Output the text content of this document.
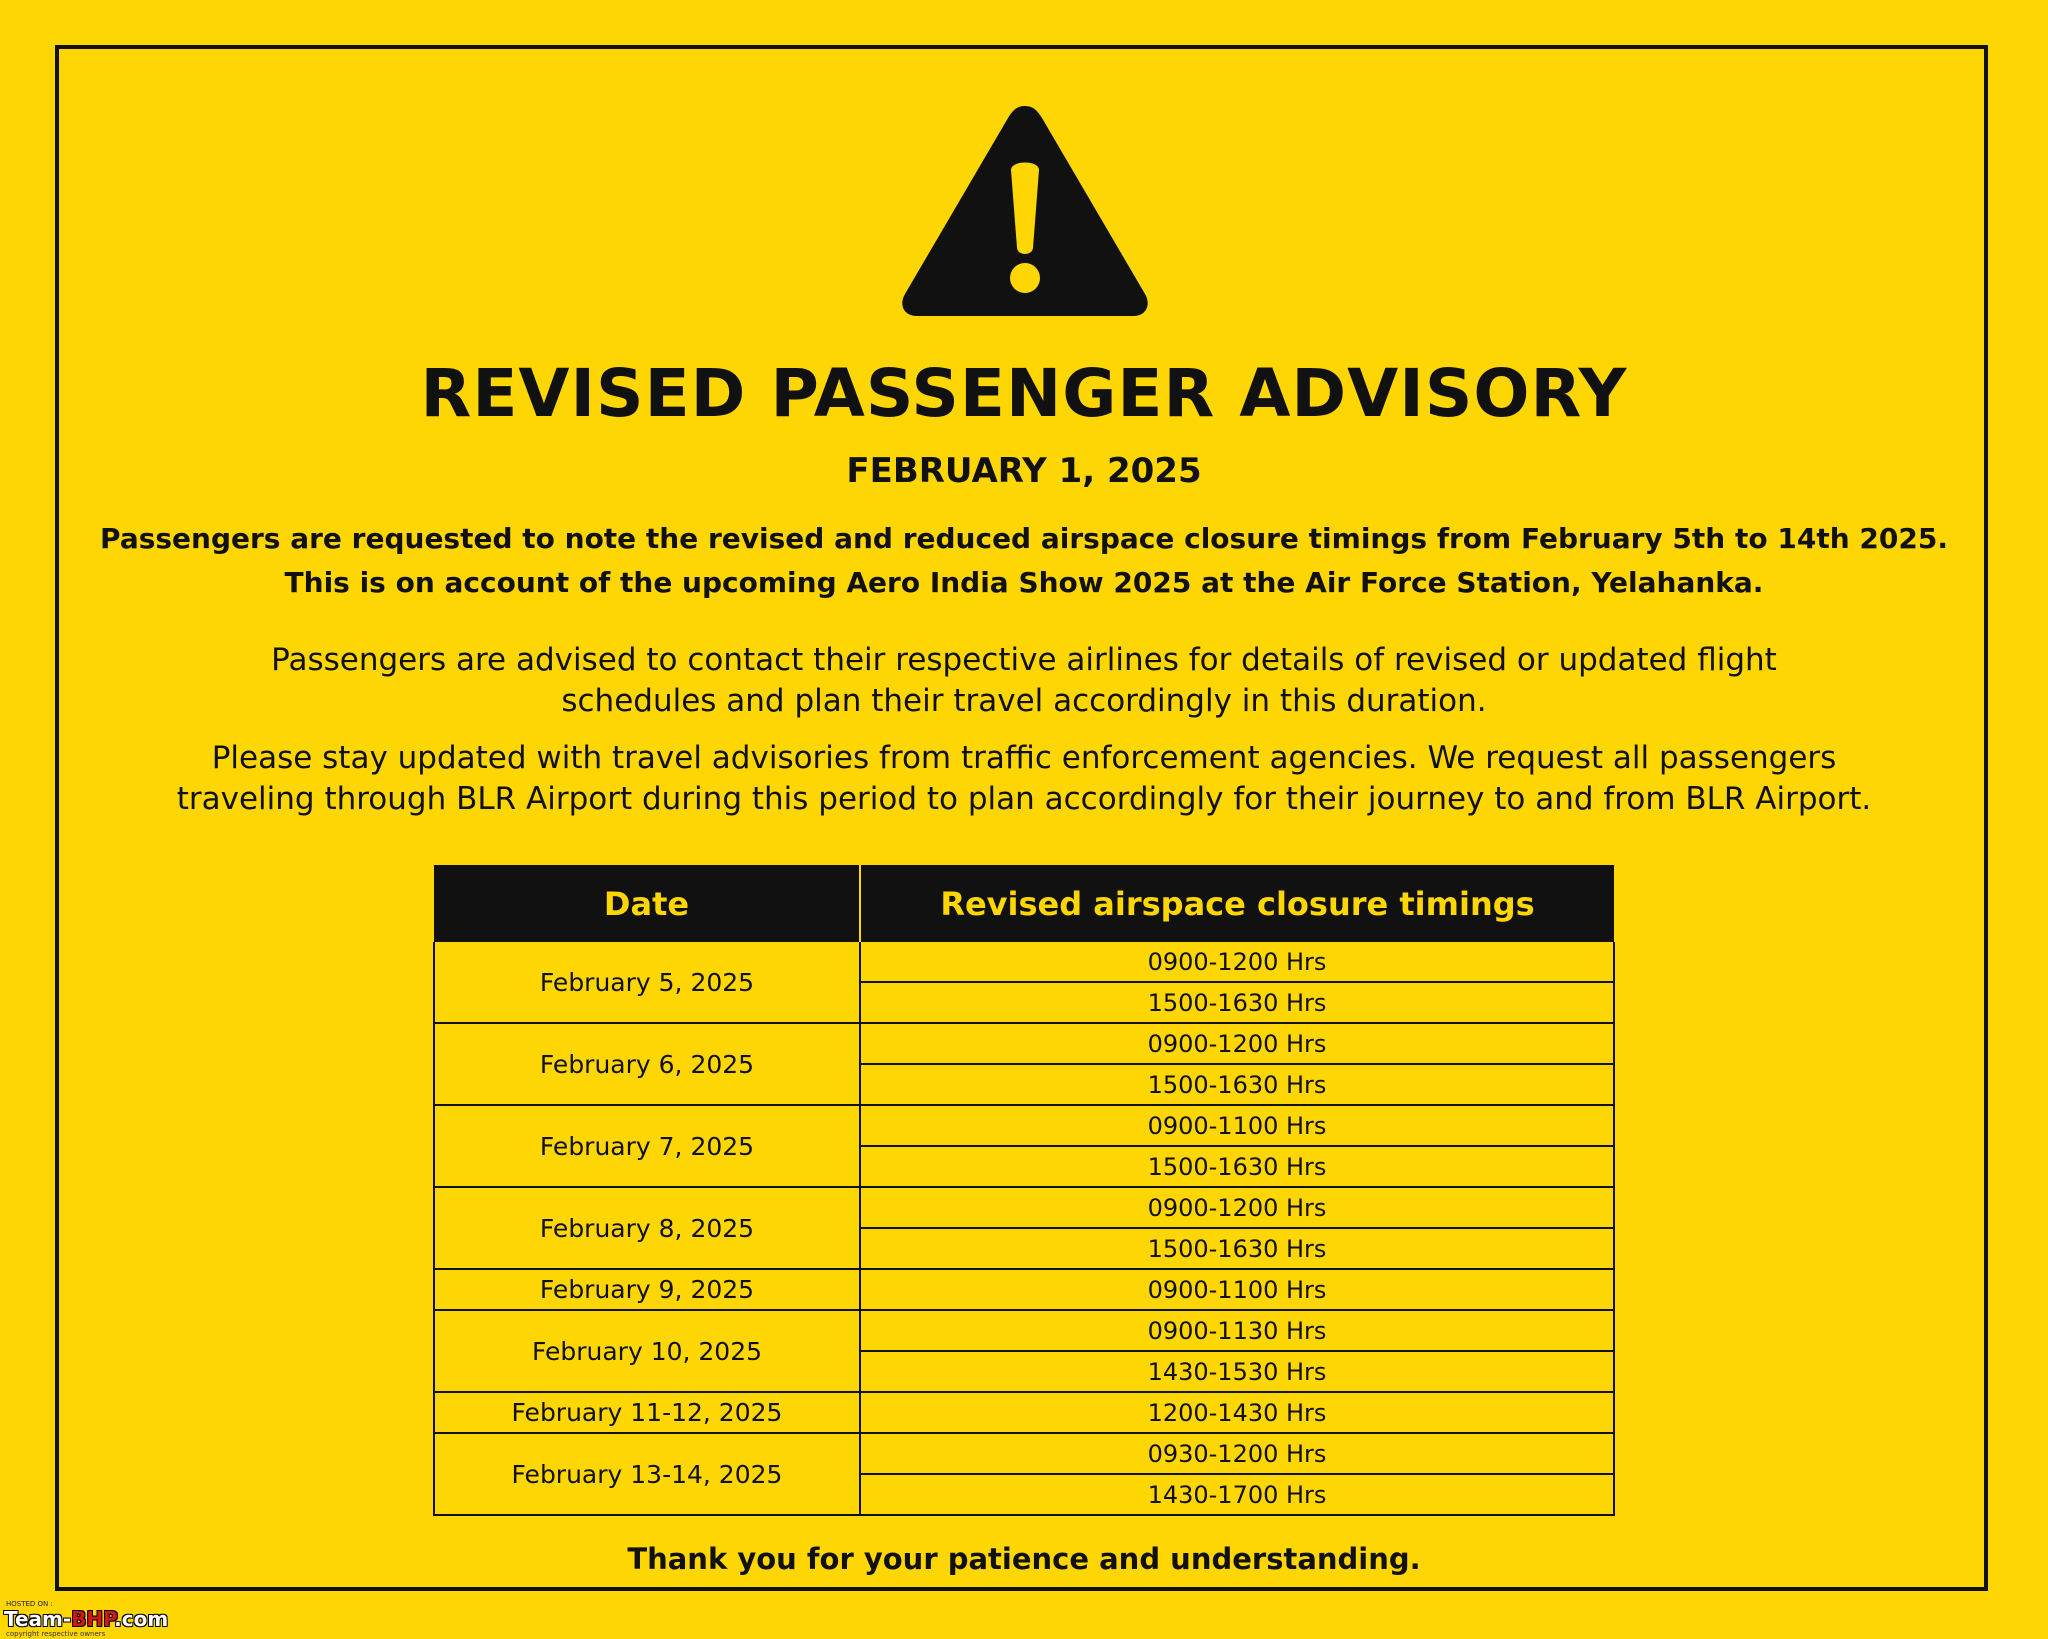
REVISED PASSENGER ADVISORY
FEBRUARY 1, 2025
Passengers are requested to note the revised and reduced airspace closure timings from February 5th to 14th 2025.
This is on account of the upcoming Aero India Show 2025 at the Air Force Station, Yelahanka.
Passengers are advised to contact their respective airlines for details of revised or updated flight
schedules and plan their travel accordingly in this duration.
Please stay updated with travel advisories from traffic enforcement agencies. We request all passengers
traveling through BLR Airport during this period to plan accordingly for their journey to and from BLR Airport.
Date	Revised airspace closure timings
February 5, 2025	0900-1200 Hrs
	1500-1630 Hrs
February 6, 2025	0900-1200 Hrs
	1500-1630 Hrs
February 7, 2025	0900-1100 Hrs
	1500-1630 Hrs
February 8, 2025	0900-1200 Hrs
	1500-1630 Hrs
February 9, 2025	0900-1100 Hrs
February 10, 2025	0900-1130 Hrs
	1430-1530 Hrs
February 11-12, 2025	1200-1430 Hrs
February 13-14, 2025	0930-1200 Hrs
	1430-1700 Hrs
Thank you for your patience and understanding.
HOSTED ON :
Team-BHP.com
copyright respective owners
